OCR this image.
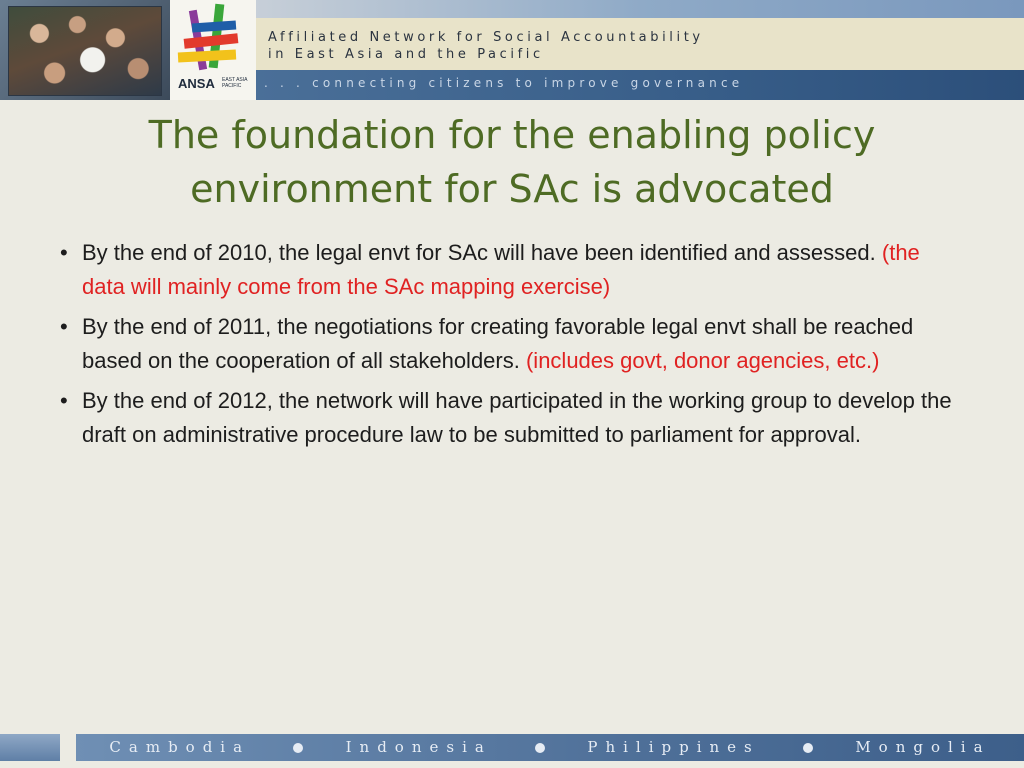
ANSA EAST ASIA PACIFIC
Affiliated Network for Social Accountability
in East Asia and the Pacific
. . . connecting citizens to improve governance
The foundation for the enabling policy environment for SAc is advocated
• By the end of 2010, the legal envt for SAc will have been identified and assessed. (the data will mainly come from the SAc mapping exercise)
• By the end of 2011, the negotiations for creating favorable legal envt shall be reached based on the cooperation of all stakeholders. (includes govt, donor agencies, etc.)
• By the end of 2012, the network will have participated in the working group to develop the draft on administrative procedure law to be submitted to parliament for approval.
Cambodia	Indonesia	Philippines	Mongolia
